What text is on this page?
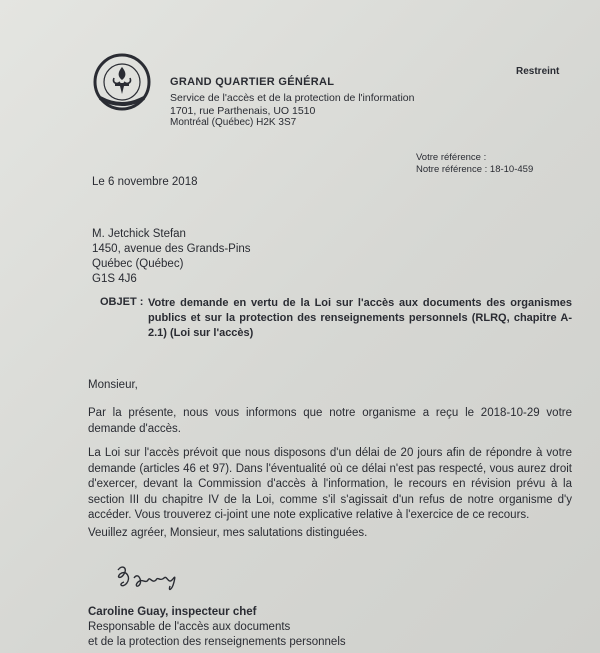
GRAND QUARTIER GÉNÉRAL
Service de l'accès et de la protection de l'information
1701, rue Parthenais, UO 1510
Montréal (Québec) H2K 3S7
Restreint
Votre référence :
Notre référence : 18-10-459
Le 6 novembre 2018
M. Jetchick Stefan
1450, avenue des Grands-Pins
Québec (Québec)
G1S 4J6
OBJET : Votre demande en vertu de la Loi sur l'accès aux documents des organismes publics et sur la protection des renseignements personnels (RLRQ, chapitre A-2.1) (Loi sur l'accès)
Monsieur,
Par la présente, nous vous informons que notre organisme a reçu le 2018-10-29 votre demande d'accès.
La Loi sur l'accès prévoit que nous disposons d'un délai de 20 jours afin de répondre à votre demande (articles 46 et 97). Dans l'éventualité où ce délai n'est pas respecté, vous aurez droit d'exercer, devant la Commission d'accès à l'information, le recours en révision prévu à la section III du chapitre IV de la Loi, comme s'il s'agissait d'un refus de notre organisme d'y accéder. Vous trouverez ci-joint une note explicative relative à l'exercice de ce recours.
Veuillez agréer, Monsieur, mes salutations distinguées.
Caroline Guay, inspecteur chef
Responsable de l'accès aux documents
et de la protection des renseignements personnels
